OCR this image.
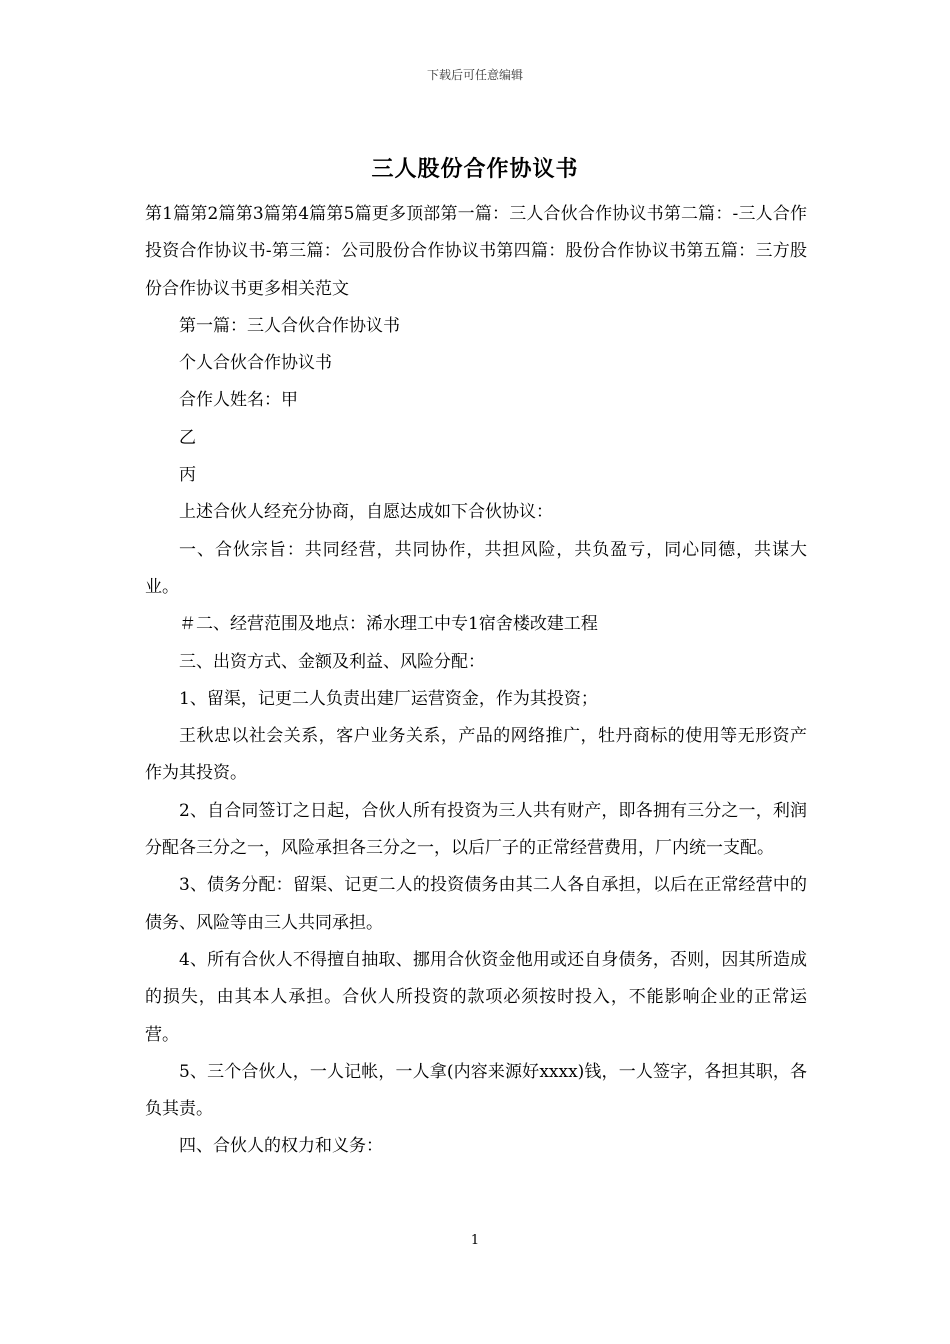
下载后可任意编辑
三人股份合作协议书

第1篇第2篇第3篇第4篇第5篇更多顶部第一篇：三人合伙合作协议书第二篇：-三人合作投资合作协议书-第三篇：公司股份合作协议书第四篇：股份合作协议书第五篇：三方股份合作协议书更多相关范文

第一篇：三人合伙合作协议书

个人合伙合作协议书

合作人姓名：甲

乙

丙

上述合伙人经充分协商，自愿达成如下合伙协议：

一、合伙宗旨：共同经营，共同协作，共担风险，共负盈亏，同心同德，共谋大业。

＃二、经营范围及地点：浠水理工中专1宿舍楼改建工程

三、出资方式、金额及利益、风险分配：

1、留渠，记更二人负责出建厂运营资金，作为其投资；

王秋忠以社会关系，客户业务关系，产品的网络推广，牡丹商标的使用等无形资产作为其投资。

2、自合同签订之日起，合伙人所有投资为三人共有财产，即各拥有三分之一，利润分配各三分之一，风险承担各三分之一，以后厂子的正常经营费用，厂内统一支配。

3、债务分配：留渠、记更二人的投资债务由其二人各自承担，以后在正常经营中的债务、风险等由三人共同承担。

4、所有合伙人不得擅自抽取、挪用合伙资金他用或还自身债务，否则，因其所造成的损失，由其本人承担。合伙人所投资的款项必须按时投入，不能影响企业的正常运营。

5、三个合伙人，一人记帐，一人拿(内容来源好xxxx)钱，一人签字，各担其职，各负其责。

四、合伙人的权力和义务：

1
